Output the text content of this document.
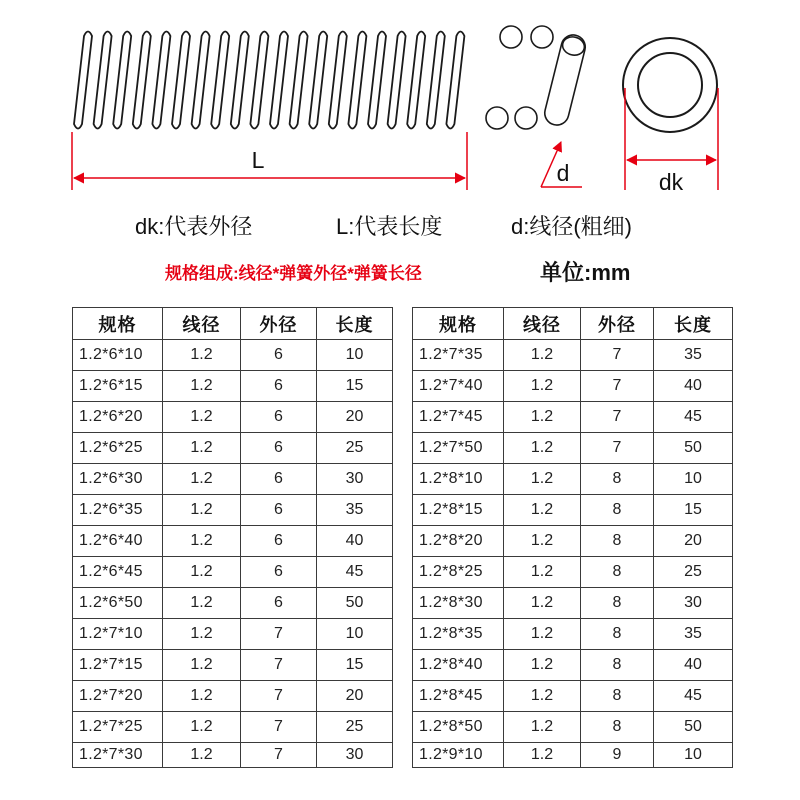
L	d	dk
dk:代表外径	L:代表长度	d:线径(粗细)
规格组成:线径*弹簧外径*弹簧长径	单位:mm
规格	线径	外径	长度
1.2*6*10	1.2	6	10
1.2*6*15	1.2	6	15
1.2*6*20	1.2	6	20
1.2*6*25	1.2	6	25
1.2*6*30	1.2	6	30
1.2*6*35	1.2	6	35
1.2*6*40	1.2	6	40
1.2*6*45	1.2	6	45
1.2*6*50	1.2	6	50
1.2*7*10	1.2	7	10
1.2*7*15	1.2	7	15
1.2*7*20	1.2	7	20
1.2*7*25	1.2	7	25
1.2*7*30	1.2	7	30
规格	线径	外径	长度
1.2*7*35	1.2	7	35
1.2*7*40	1.2	7	40
1.2*7*45	1.2	7	45
1.2*7*50	1.2	7	50
1.2*8*10	1.2	8	10
1.2*8*15	1.2	8	15
1.2*8*20	1.2	8	20
1.2*8*25	1.2	8	25
1.2*8*30	1.2	8	30
1.2*8*35	1.2	8	35
1.2*8*40	1.2	8	40
1.2*8*45	1.2	8	45
1.2*8*50	1.2	8	50
1.2*9*10	1.2	9	10
